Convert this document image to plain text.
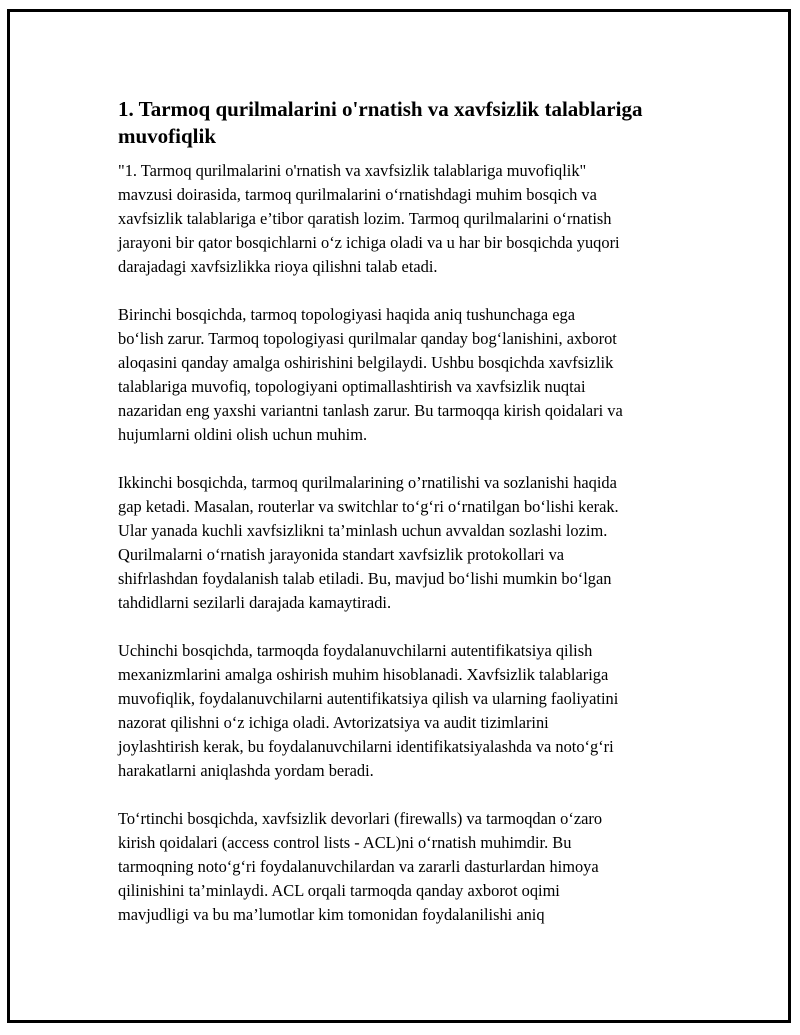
1. Tarmoq qurilmalarini o'rnatish va xavfsizlik talablariga
muvofiqlik

"1. Tarmoq qurilmalarini o'rnatish va xavfsizlik talablariga muvofiqlik"
mavzusi doirasida, tarmoq qurilmalarini o‘rnatishdagi muhim bosqich va
xavfsizlik talablariga e’tibor qaratish lozim. Tarmoq qurilmalarini o‘rnatish
jarayoni bir qator bosqichlarni o‘z ichiga oladi va u har bir bosqichda yuqori
darajadagi xavfsizlikka rioya qilishni talab etadi.

Birinchi bosqichda, tarmoq topologiyasi haqida aniq tushunchaga ega
bo‘lish zarur. Tarmoq topologiyasi qurilmalar qanday bog‘lanishini, axborot
aloqasini qanday amalga oshirishini belgilaydi. Ushbu bosqichda xavfsizlik
talablariga muvofiq, topologiyani optimallashtirish va xavfsizlik nuqtai
nazaridan eng yaxshi variantni tanlash zarur. Bu tarmoqqa kirish qoidalari va
hujumlarni oldini olish uchun muhim.

Ikkinchi bosqichda, tarmoq qurilmalarining o’rnatilishi va sozlanishi haqida
gap ketadi. Masalan, routerlar va switchlar to‘g‘ri o‘rnatilgan bo‘lishi kerak.
Ular yanada kuchli xavfsizlikni ta’minlash uchun avvaldan sozlashi lozim.
Qurilmalarni o‘rnatish jarayonida standart xavfsizlik protokollari va
shifrlashdan foydalanish talab etiladi. Bu, mavjud bo‘lishi mumkin bo‘lgan
tahdidlarni sezilarli darajada kamaytiradi.

Uchinchi bosqichda, tarmoqda foydalanuvchilarni autentifikatsiya qilish
mexanizmlarini amalga oshirish muhim hisoblanadi. Xavfsizlik talablariga
muvofiqlik, foydalanuvchilarni autentifikatsiya qilish va ularning faoliyatini
nazorat qilishni o‘z ichiga oladi. Avtorizatsiya va audit tizimlarini
joylashtirish kerak, bu foydalanuvchilarni identifikatsiyalashda va noto‘g‘ri
harakatlarni aniqlashda yordam beradi.

To‘rtinchi bosqichda, xavfsizlik devorlari (firewalls) va tarmoqdan o‘zaro
kirish qoidalari (access control lists - ACL)ni o‘rnatish muhimdir. Bu
tarmoqning noto‘g‘ri foydalanuvchilardan va zararli dasturlardan himoya
qilinishini ta’minlaydi. ACL orqali tarmoqda qanday axborot oqimi
mavjudligi va bu ma’lumotlar kim tomonidan foydalanilishi aniq
